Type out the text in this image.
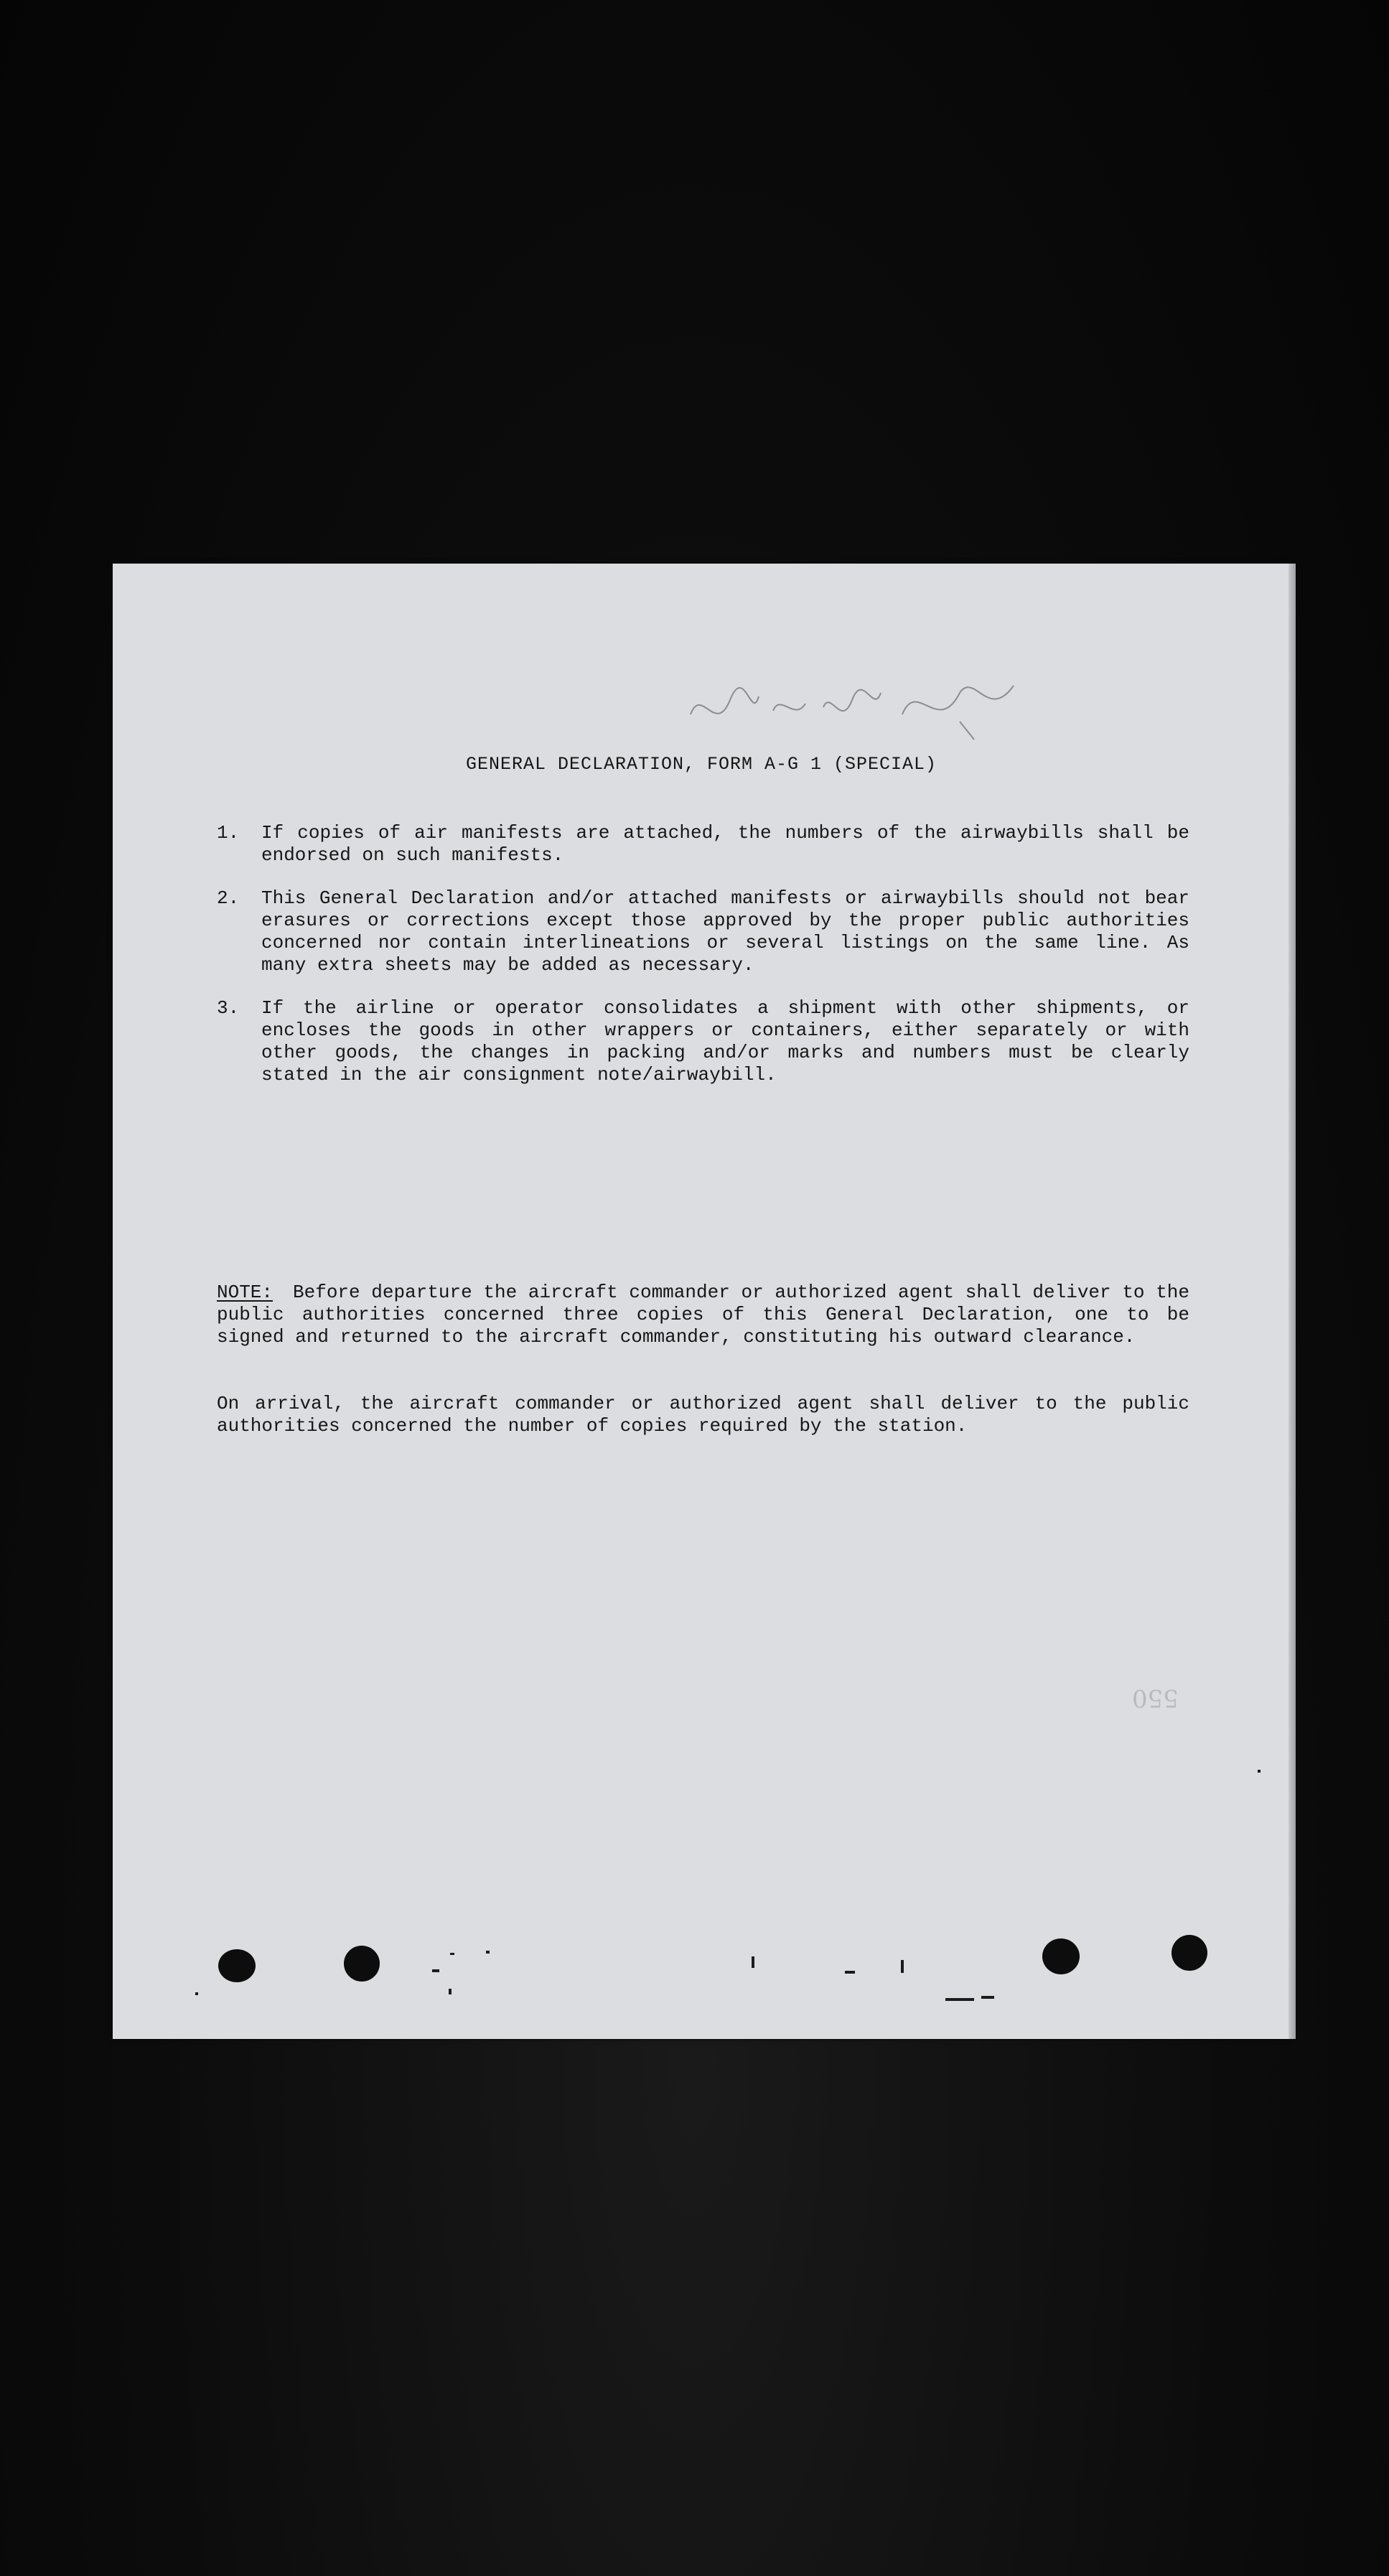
GENERAL DECLARATION, FORM A-G 1 (SPECIAL)
1. If copies of air manifests are attached, the numbers of the airwaybills shall be endorsed on such manifests.
2. This General Declaration and/or attached manifests or airwaybills should not bear erasures or corrections except those approved by the proper public authorities concerned nor contain interlineations or several listings on the same line. As many extra sheets may be added as necessary.
3. If the airline or operator consolidates a shipment with other shipments, or encloses the goods in other wrappers or containers, either separately or with other goods, the changes in packing and/or marks and numbers must be clearly stated in the air consignment note/airwaybill.
NOTE: Before departure the aircraft commander or authorized agent shall deliver to the public authorities concerned three copies of this General Declaration, one to be signed and returned to the aircraft commander, constituting his outward clearance.
On arrival, the aircraft commander or authorized agent shall deliver to the public authorities concerned the number of copies required by the station.
550
